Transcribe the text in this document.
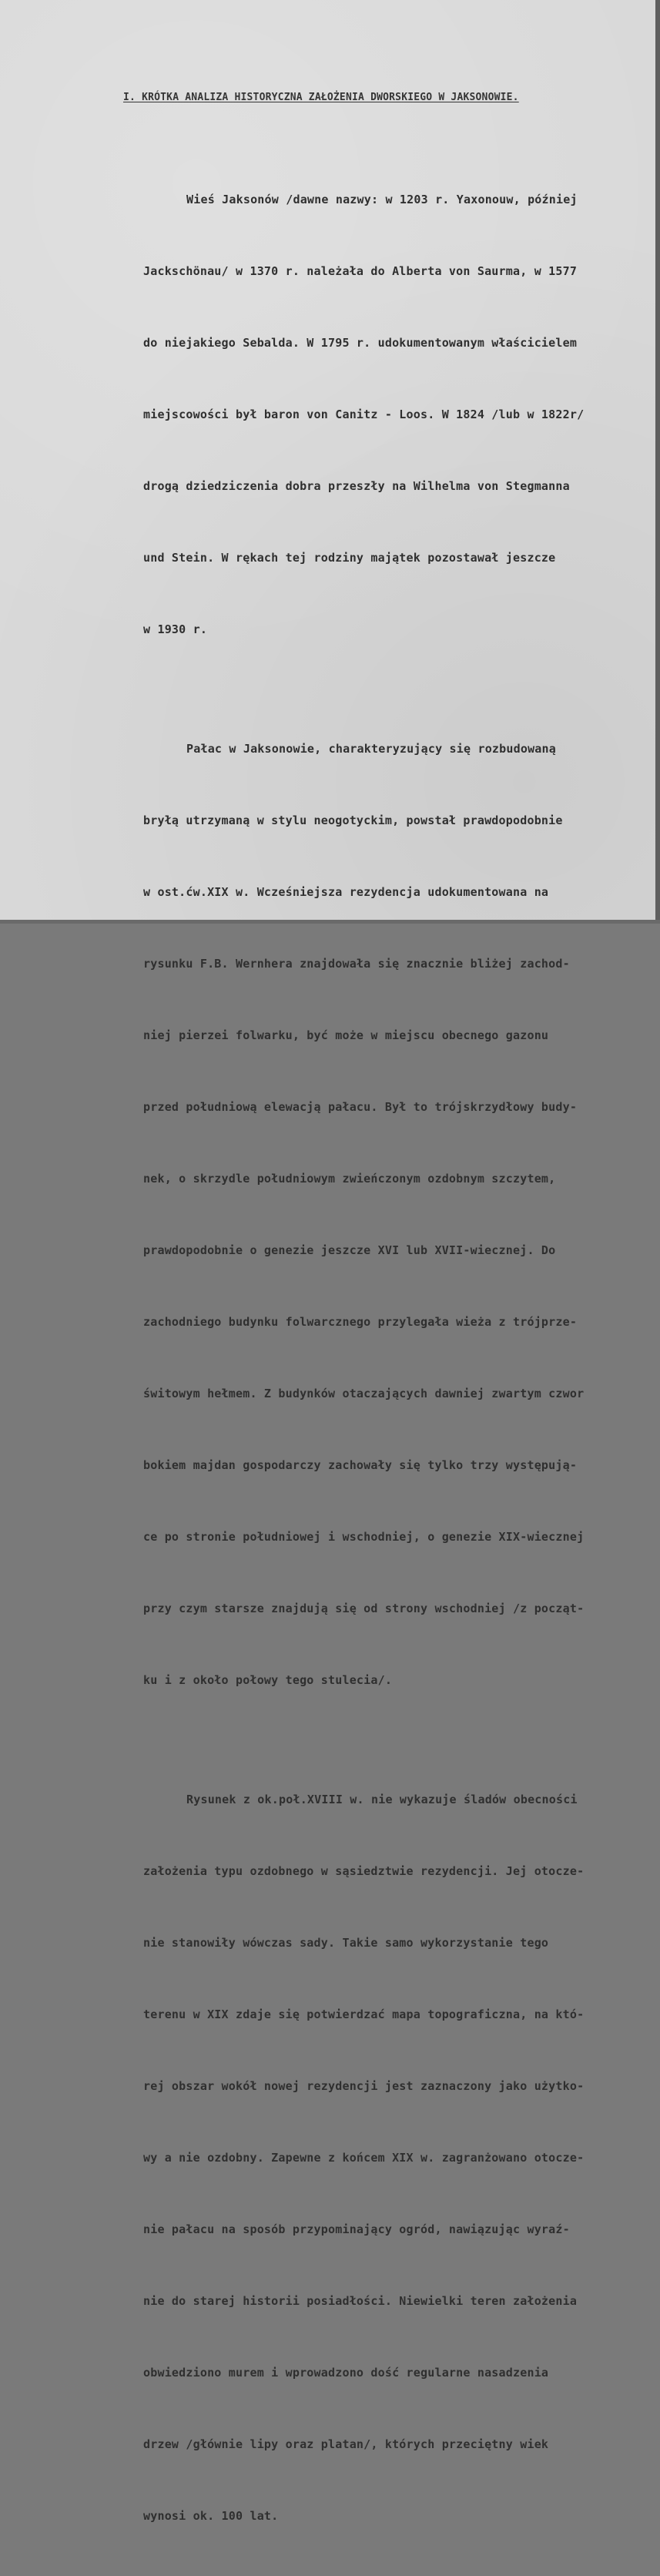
I. KRÓTKA ANALIZA HISTORYCZNA ZAŁOŻENIA DWORSKIEGO W JAKSONOWIE.

Wieś Jaksonów /dawne nazwy: w 1203 r. Yaxonouw, później

Jackschönau/ w 1370 r. należała do Alberta von Saurma, w 1577

do niejakiego Sebalda. W 1795 r. udokumentowanym właścicielem

miejscowości był baron von Canitz - Loos. W 1824 /lub w 1822r/

drogą dziedziczenia dobra przeszły na Wilhelma von Stegmanna

und Stein. W rękach tej rodziny majątek pozostawał jeszcze

w 1930 r.

Pałac w Jaksonowie, charakteryzujący się rozbudowaną

bryłą utrzymaną w stylu neogotyckim, powstał prawdopodobnie

w ost.ćw.XIX w. Wcześniejsza rezydencja udokumentowana na

rysunku F.B. Wernhera znajdowała się znacznie bliżej zachod-

niej pierzei folwarku, być może w miejscu obecnego gazonu

przed południową elewacją pałacu. Był to trójskrzydłowy budy-

nek, o skrzydle południowym zwieńczonym ozdobnym szczytem,

prawdopodobnie o genezie jeszcze XVI lub XVII-wiecznej. Do

zachodniego budynku folwarcznego przylegała wieża z trójprze-

świtowym hełmem. Z budynków otaczających dawniej zwartym czwor

bokiem majdan gospodarczy zachowały się tylko trzy występują-

ce po stronie południowej i wschodniej, o genezie XIX-wiecznej

przy czym starsze znajdują się od strony wschodniej /z począt-

ku i z około połowy tego stulecia/.

Rysunek z ok.poł.XVIII w. nie wykazuje śladów obecności

założenia typu ozdobnego w sąsiedztwie rezydencji. Jej otocze-

nie stanowiły wówczas sady. Takie samo wykorzystanie tego

terenu w XIX zdaje się potwierdzać mapa topograficzna, na któ-

rej obszar wokół nowej rezydencji jest zaznaczony jako użytko-

wy a nie ozdobny. Zapewne z końcem XIX w. zagranżowano otocze-

nie pałacu na sposób przypominający ogród, nawiązując wyraź-

nie do starej historii posiadłości. Niewielki teren założenia

obwiedziono murem i wprowadzono dość regularne nasadzenia

drzew /głównie lipy oraz platan/, których przeciętny wiek

wynosi ok. 100 lat.
